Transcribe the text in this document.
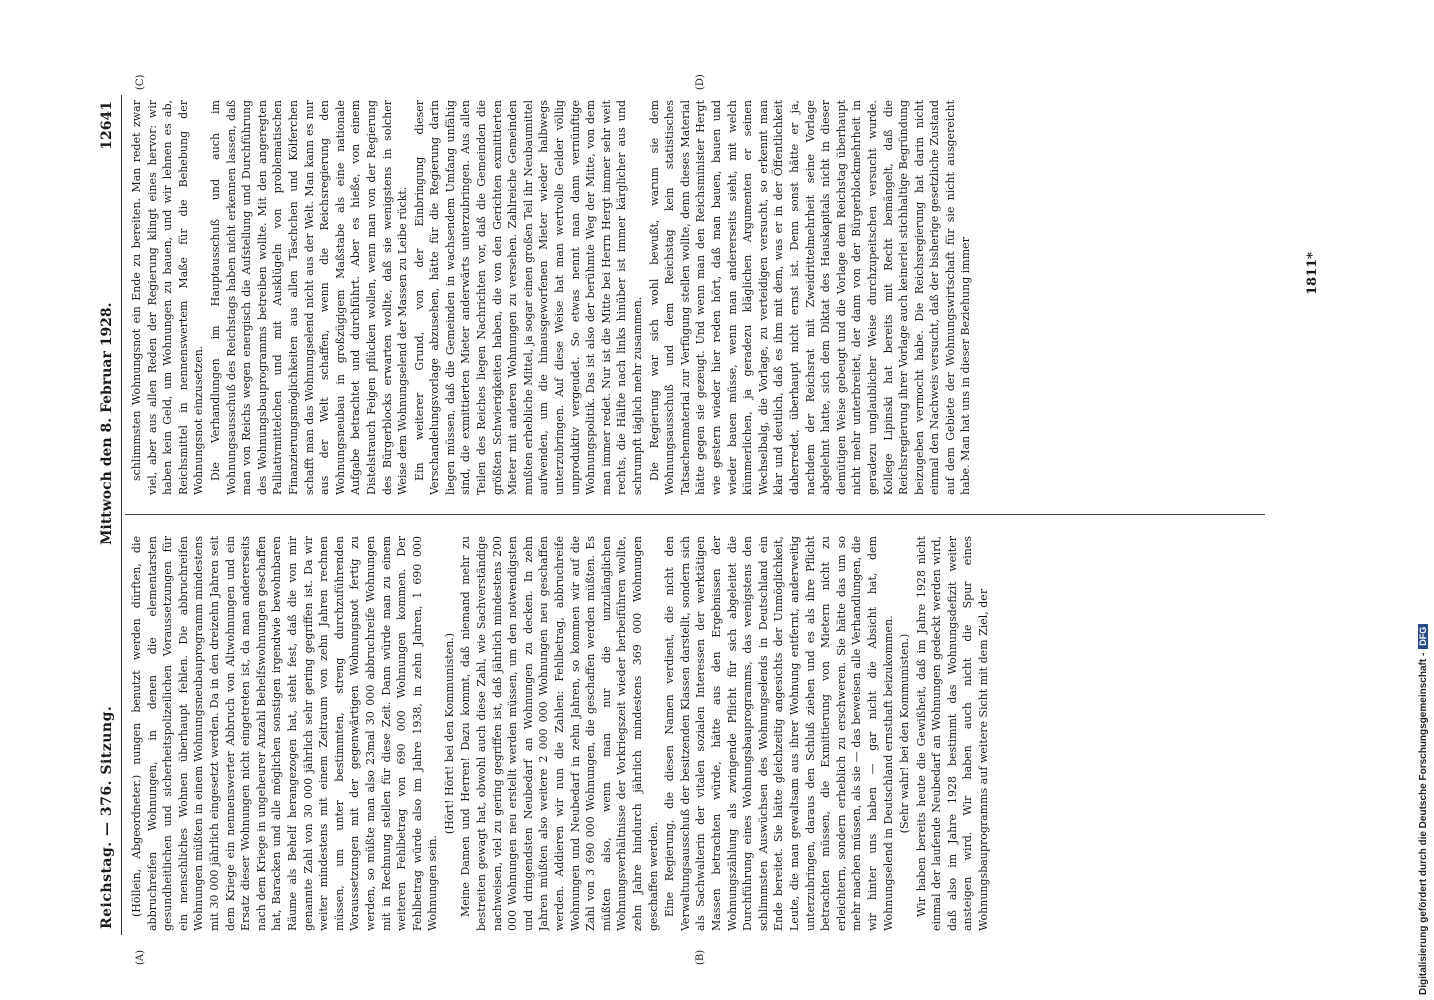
Reichstag. — 376. Sitzung.
Mittwoch den 8. Februar 1928.
12641

(Höllein, Abgeordneter.) nungen benutzt werden dürften, die abbruchreifen Wohnungen, in denen die elementarsten gesundheitlichen und sicherheitspolizeilichen Voraussetzungen für ein menschliches Wohnen überhaupt fehlen. Die abbruchreifen Wohnungen müßten in einem Wohnungsneubauprogramm mindestens mit 30 000 jährlich eingesetzt werden. Da in den dreizehn Jahren seit dem Kriege ein nennenswerter Abbruch von Altwohnungen und ein Ersatz dieser Wohnungen nicht eingetreten ist, da man andererseits nach dem Kriege in ungeheurer Anzahl Behelfswohnungen geschaffen hat, Baracken und alle möglichen sonstigen irgendwie bewohnbaren Räume als Behelf herangezogen hat, steht fest, daß die von mir genannte Zahl von 30 000 jährlich sehr gering gegriffen ist. Da wir weiter mindestens mit einem Zeitraum von zehn Jahren rechnen müssen, um unter bestimmten, streng durchzuführenden Voraussetzungen mit der gegenwärtigen Wohnungsnot fertig zu werden, so müßte man also 23mal 30 000 abbruchreife Wohnungen mit in Rechnung stellen für diese Zeit. Dann würde man zu einem weiteren Fehlbetrag von 690 000 Wohnungen kommen. Der Fehlbetrag würde also im Jahre 1938, in zehn Jahren, 1 690 000 Wohnungen sein.

(Hört! Hört! bei den Kommunisten.) Meine Damen und Herren! Dazu kommt, daß niemand mehr zu bestreiten gewagt hat, obwohl auch diese Zahl, wie Sachverständige nachweisen, viel zu gering gegriffen ist, daß jährlich mindestens 200 000 Wohnungen neu erstellt werden müssen, um den notwendigsten und dringendsten Neubedarf an Wohnungen zu decken. In zehn Jahren müßten also weitere 2 000 000 Wohnungen neu geschaffen werden. Addieren wir nun die Zahlen: Fehlbetrag, abbruchreife Wohnungen und Neubedarf in zehn Jahren, so kommen wir auf die Zahl von 3 690 000 Wohnungen, die geschaffen werden müßten. Es müßten also, wenn man nur die unzulänglichen Wohnungsverhältnisse der Vorkriegszeit wieder herbeiführen wollte, zehn Jahre hindurch jährlich mindestens 369 000 Wohnungen geschaffen werden. Eine Regierung, die diesen Namen verdient, die nicht den Verwaltungsausschuß der besitzenden Klassen darstellt, sondern sich als Sachwalterin der vitalen sozialen Interessen der werktätigen Massen betrachten würde, hätte aus den Ergebnissen der Wohnungszählung als zwingende Pflicht für sich abgeleitet die Durchführung eines Wohnungsbauprogramms, das wenigstens den schlimmsten Auswüchsen des Wohnungselends in Deutschland ein Ende bereitet. Sie hätte gleichzeitig angesichts der Unmöglichkeit, Leute, die man gewaltsam aus ihrer Wohnung entfernt, anderweitig unterzubringen, daraus den Schluß ziehen und es als ihre Pflicht betrachten müssen, die Exmittierung von Mietern nicht zu erleichtern, sondern erheblich zu erschweren. Sie hätte das um so mehr machen müssen, als sie — das beweisen alle Verhandlungen, die wir hinter uns haben — gar nicht die Absicht hat, dem Wohnungselend in Deutschland ernsthaft beizukommen. (Sehr wahr! bei den Kommunisten.) Wir haben bereits heute die Gewißheit, daß im Jahre 1928 nicht einmal der laufende Neubedarf an Wohnungen gedeckt werden wird, daß also im Jahre 1928 bestimmt das Wohnungsdefizit weiter ansteigen wird. Wir haben auch nicht die Spur eines Wohnungsbauprogramms auf weitere Sicht mit dem Ziel, der

schlimmsten Wohnungsnot ein Ende zu bereiten. Man redet zwar viel, aber aus allen Reden der Regierung klingt eines hervor: wir haben kein Geld, um Wohnungen zu bauen, und wir lehnen es ab, Reichsmittel in nennenswertem Maße für die Behebung der Wohnungsnot einzusetzen. Die Verhandlungen im Hauptausschuß und auch im Wohnungsausschuß des Reichstags haben nicht erkennen lassen, daß man von Reichs wegen energisch die Aufstellung und Durchführung des Wohnungsbauprogramms betreiben wollte. Mit den angeregten Palliativmittelchen und mit Ausklügeln von problematischen Finanzierungsmöglichkeiten aus allen Täschchen und Kölferchen schafft man das Wohnungselend nicht aus der Welt. Man kann es nur aus der Welt schaffen, wenn die Reichsregierung den Wohnungsneubau in großzügigem Maßstabe als eine nationale Aufgabe betrachtet und durchführt. Aber es hieße, von einem Distelstrauch Feigen pflücken wollen, wenn man von der Regierung des Bürgerblocks erwarten wollte, daß sie wenigstens in solcher Weise dem Wohnungselend der Massen zu Leibe rückt. Ein weiterer Grund, von der Einbringung dieser Verschandelungsvorlage abzusehen, hätte für die Regierung darin liegen müssen, daß die Gemeinden in wachsendem Umfang unfähig sind, die exmittierten Mieter anderwärts unterzubringen. Aus allen Teilen des Reiches liegen Nachrichten vor, daß die Gemeinden die größten Schwierigkeiten haben, die von den Gerichten exmittierten Mieter mit anderen Wohnungen zu versehen. Zahlreiche Gemeinden mußten erhebliche Mittel, ja sogar einen großen Teil ihr Neubaumittel aufwenden, um die hinausgeworfenen Mieter wieder halbwegs unterzubringen. Auf diese Weise hat man wertvolle Gelder völlig unproduktiv vergeudet. So etwas nennt man dann vernünftige Wohnungspolitik. Das ist also der berühmte Weg der Mitte, von dem man immer redet. Nur ist die Mitte bei Herrn Hergt immer sehr weit rechts, die Hälfte nach links hinüber ist immer kärglicher aus und schrumpft täglich mehr zusammen. Die Regierung war sich wohl bewußt, warum sie dem Wohnungsausschuß und dem Reichstag kein statistisches Tatsachenmaterial zur Verfügung stellen wollte, denn dieses Material hätte gegen sie gezeugt. Und wenn man den Reichsminister Hergt wie gestern wieder hier reden hört, daß man bauen, bauen und wieder bauen müsse, wenn man andererseits sieht, mit welch kümmerlichen, ja geradezu kläglichen Argumenten er seinen Wechselbalg, die Vorlage, zu verteidigen versucht, so erkennt man klar und deutlich, daß es ihm mit dem, was er in der Öffentlichkeit daherredet, überhaupt nicht ernst ist. Denn sonst hätte er ja, nachdem der Reichsrat mit Zweidrittelmehrheit seine Vorlage abgelehnt hatte, sich dem Diktat des Hauskapitals nicht in dieser demütigen Weise gebeugt und die Vorlage dem Reichstag überhaupt nicht mehr unterbreitet, der dann von der Bürgerblockmehrheit in geradezu unglaublicher Weise durchzupeitschen versucht wurde. Kollege Lipinski hat bereits mit Recht bemängelt, daß die Reichsregierung ihrer Vorlage auch keinerlei stichhaltige Begründung beizugeben vermocht habe. Die Reichsregierung hat darin nicht einmal den Nachweis versucht, daß der bisherige gesetzliche Zustand auf dem Gebiete der Wohnungswirtschaft für sie nicht ausgereicht habe. Man hat uns in dieser Beziehung immer

(A)	(B)
(C)	(D)
1811*
Digitalisierung gefördert durch die Deutsche Forschungsgemeinschaft -DFG
